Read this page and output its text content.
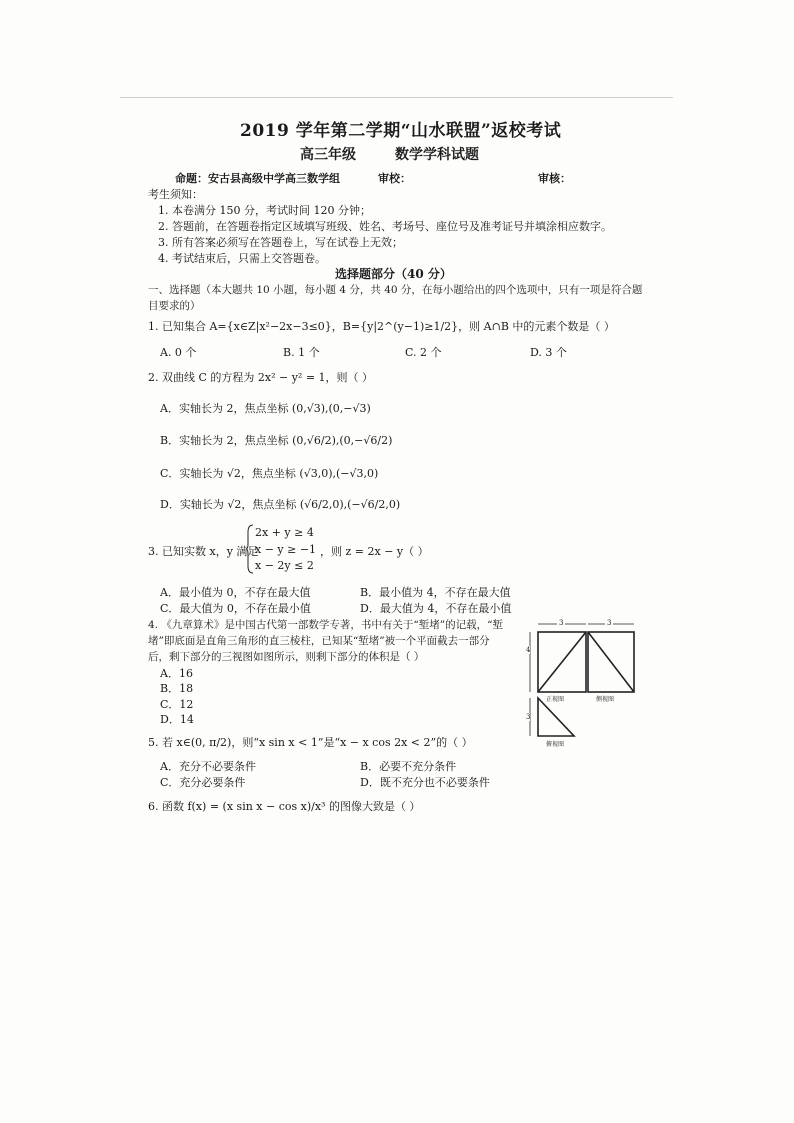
2019 学年第二学期“山水联盟”返校考试
高三年级	数学学科试题
命题：安古县高级中学高三数学组	审校：	审核：
考生须知：
1. 本卷满分 150 分，考试时间 120 分钟；
2. 答题前，在答题卷指定区域填写班级、姓名、考场号、座位号及准考证号并填涂相应数字。
3. 所有答案必须写在答题卷上，写在试卷上无效；
4. 考试结束后，只需上交答题卷。
选择题部分（40 分）
一、选择题（本大题共 10 小题，每小题 4 分，共 40 分，在每小题给出的四个选项中，只有一项是符合题
目要求的）
1. 已知集合 A={x∈Z|x²−2x−3≤0}，B={y|2^(y−1)≥1/2}，则 A∩B 中的元素个数是（ ）
A. 0 个	B. 1 个	C. 2 个	D. 3 个
2. 双曲线 C 的方程为 2x² − y² = 1，则（ ）
A．实轴长为 2，焦点坐标 (0,√3),(0,−√3)
B．实轴长为 2，焦点坐标 (0,√6/2),(0,−√6/2)
C．实轴长为 √2，焦点坐标 (√3,0),(−√3,0)
D．实轴长为 √2，焦点坐标 (√6/2,0),(−√6/2,0)
3. 已知实数 x，y 满足
2x + y ≥ 4
x − y ≥ −1
x − 2y ≤ 2
，则 z = 2x − y（ ）
A．最小值为 0，不存在最大值	B．最小值为 4，不存在最大值
C．最大值为 0，不存在最小值	D．最大值为 4，不存在最小值
4. 《九章算术》是中国古代第一部数学专著，书中有关于“堑堵”的记载，“堑
堵”即底面是直角三角形的直三棱柱，已知某“堑堵”被一个平面截去一部分
后，剩下部分的三视图如图所示，则剩下部分的体积是（ ）
A．16
B．18
C．12
D．14
3	3
4
3
正视图	侧视图
俯视图
5. 若 x∈(0, π/2)，则“x sin x < 1”是“x − x cos 2x < 2”的（ ）
A．充分不必要条件	B．必要不充分条件
C．充分必要条件	D．既不充分也不必要条件
6. 函数 f(x) = (x sin x − cos x)/x³ 的图像大致是（ ）
